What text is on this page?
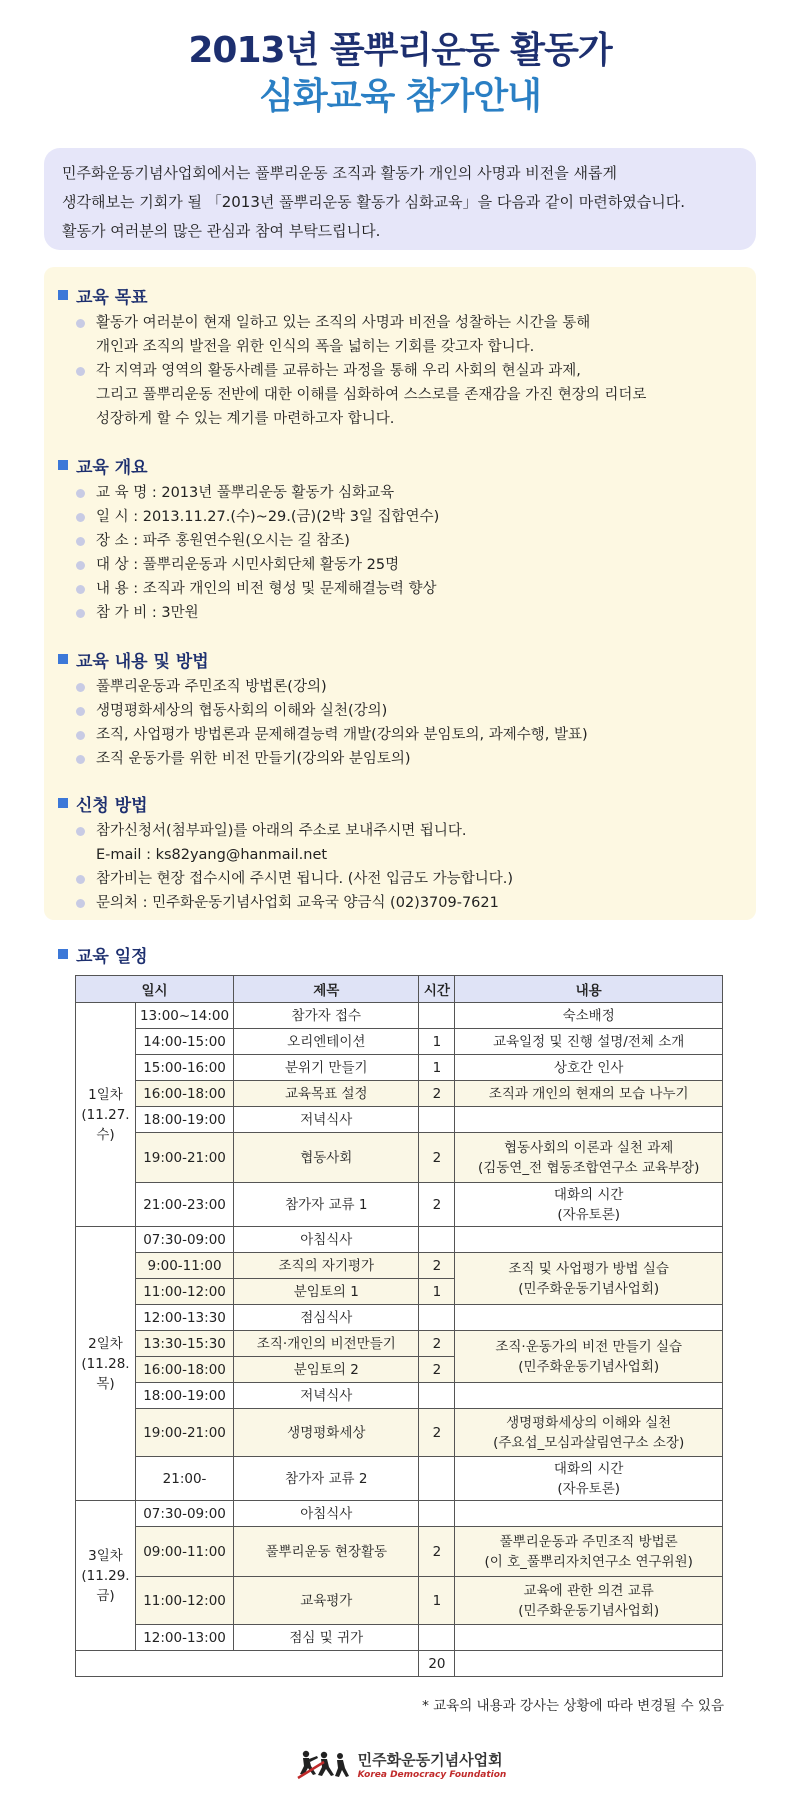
2013년 풀뿌리운동 활동가
심화교육 참가안내

민주화운동기념사업회에서는 풀뿌리운동 조직과 활동가 개인의 사명과 비전을 새롭게

생각해보는 기회가 될 「2013년 풀뿌리운동 활동가 심화교육」을 다음과 같이 마련하였습니다.

활동가 여러분의 많은 관심과 참여 부탁드립니다.

교육 목표
활동가 여러분이 현재 일하고 있는 조직의 사명과 비전을 성찰하는 시간을 통해
개인과 조직의 발전을 위한 인식의 폭을 넓히는 기회를 갖고자 합니다.
각 지역과 영역의 활동사례를 교류하는 과정을 통해 우리 사회의 현실과 과제,
그리고 풀뿌리운동 전반에 대한 이해를 심화하여 스스로를 존재감을 가진 현장의 리더로
성장하게 할 수 있는 계기를 마련하고자 합니다.
교육 개요
교 육 명 : 2013년 풀뿌리운동 활동가 심화교육
일 시 : 2013.11.27.(수)~29.(금)(2박 3일 집합연수)
장 소 : 파주 홍원연수원(오시는 길 참조)
대 상 : 풀뿌리운동과 시민사회단체 활동가 25명
내 용 : 조직과 개인의 비전 형성 및 문제해결능력 향상
참 가 비 : 3만원
교육 내용 및 방법
풀뿌리운동과 주민조직 방법론(강의)
생명평화세상의 협동사회의 이해와 실천(강의)
조직, 사업평가 방법론과 문제해결능력 개발(강의와 분임토의, 과제수행, 발표)
조직 운동가를 위한 비전 만들기(강의와 분임토의)
신청 방법
참가신청서(첨부파일)를 아래의 주소로 보내주시면 됩니다.
E-mail : ks82yang@hanmail.net
참가비는 현장 접수시에 주시면 됩니다. (사전 입금도 가능합니다.)
문의처 : 민주화운동기념사업회 교육국 양금식 (02)3709-7621
교육 일정
일시		제목	시간	내용
1일차
(11.27.
수)	13:00~14:00	참가자 접수		숙소배정
	14:00-15:00	오리엔테이션	1	교육일정 및 진행 설명/전체 소개
	15:00-16:00	분위기 만들기	1	상호간 인사
	16:00-18:00	교육목표 설정	2	조직과 개인의 현재의 모습 나누기
	18:00-19:00	저녁식사		
	19:00-21:00	협동사회	2	협동사회의 이론과 실천 과제
(김동연_전 협동조합연구소 교육부장)
	21:00-23:00	참가자 교류 1	2	대화의 시간
(자유토론)
2일차
(11.28.
목)	07:30-09:00	아침식사		
	9:00-11:00	조직의 자기평가	2	조직 및 사업평가 방법 실습
(민주화운동기념사업회)
	11:00-12:00	분임토의 1	1	
	12:00-13:30	점심식사		
	13:30-15:30	조직·개인의 비전만들기	2	조직·운동가의 비전 만들기 실습
(민주화운동기념사업회)
	16:00-18:00	분임토의 2	2	
	18:00-19:00	저녁식사		
	19:00-21:00	생명평화세상	2	생명평화세상의 이해와 실천
(주요섭_모심과살림연구소 소장)
	21:00-	참가자 교류 2		대화의 시간
(자유토론)
3일차
(11.29.
금)	07:30-09:00	아침식사		
	09:00-11:00	풀뿌리운동 현장활동	2	풀뿌리운동과 주민조직 방법론
(이 호_풀뿌리자치연구소 연구위원)
	11:00-12:00	교육평가	1	교육에 관한 의견 교류
(민주화운동기념사업회)
	12:00-13:00	점심 및 귀가		
			20	
* 교육의 내용과 강사는 상황에 따라 변경될 수 있음
민주화운동기념사업회
Korea Democracy Foundation
